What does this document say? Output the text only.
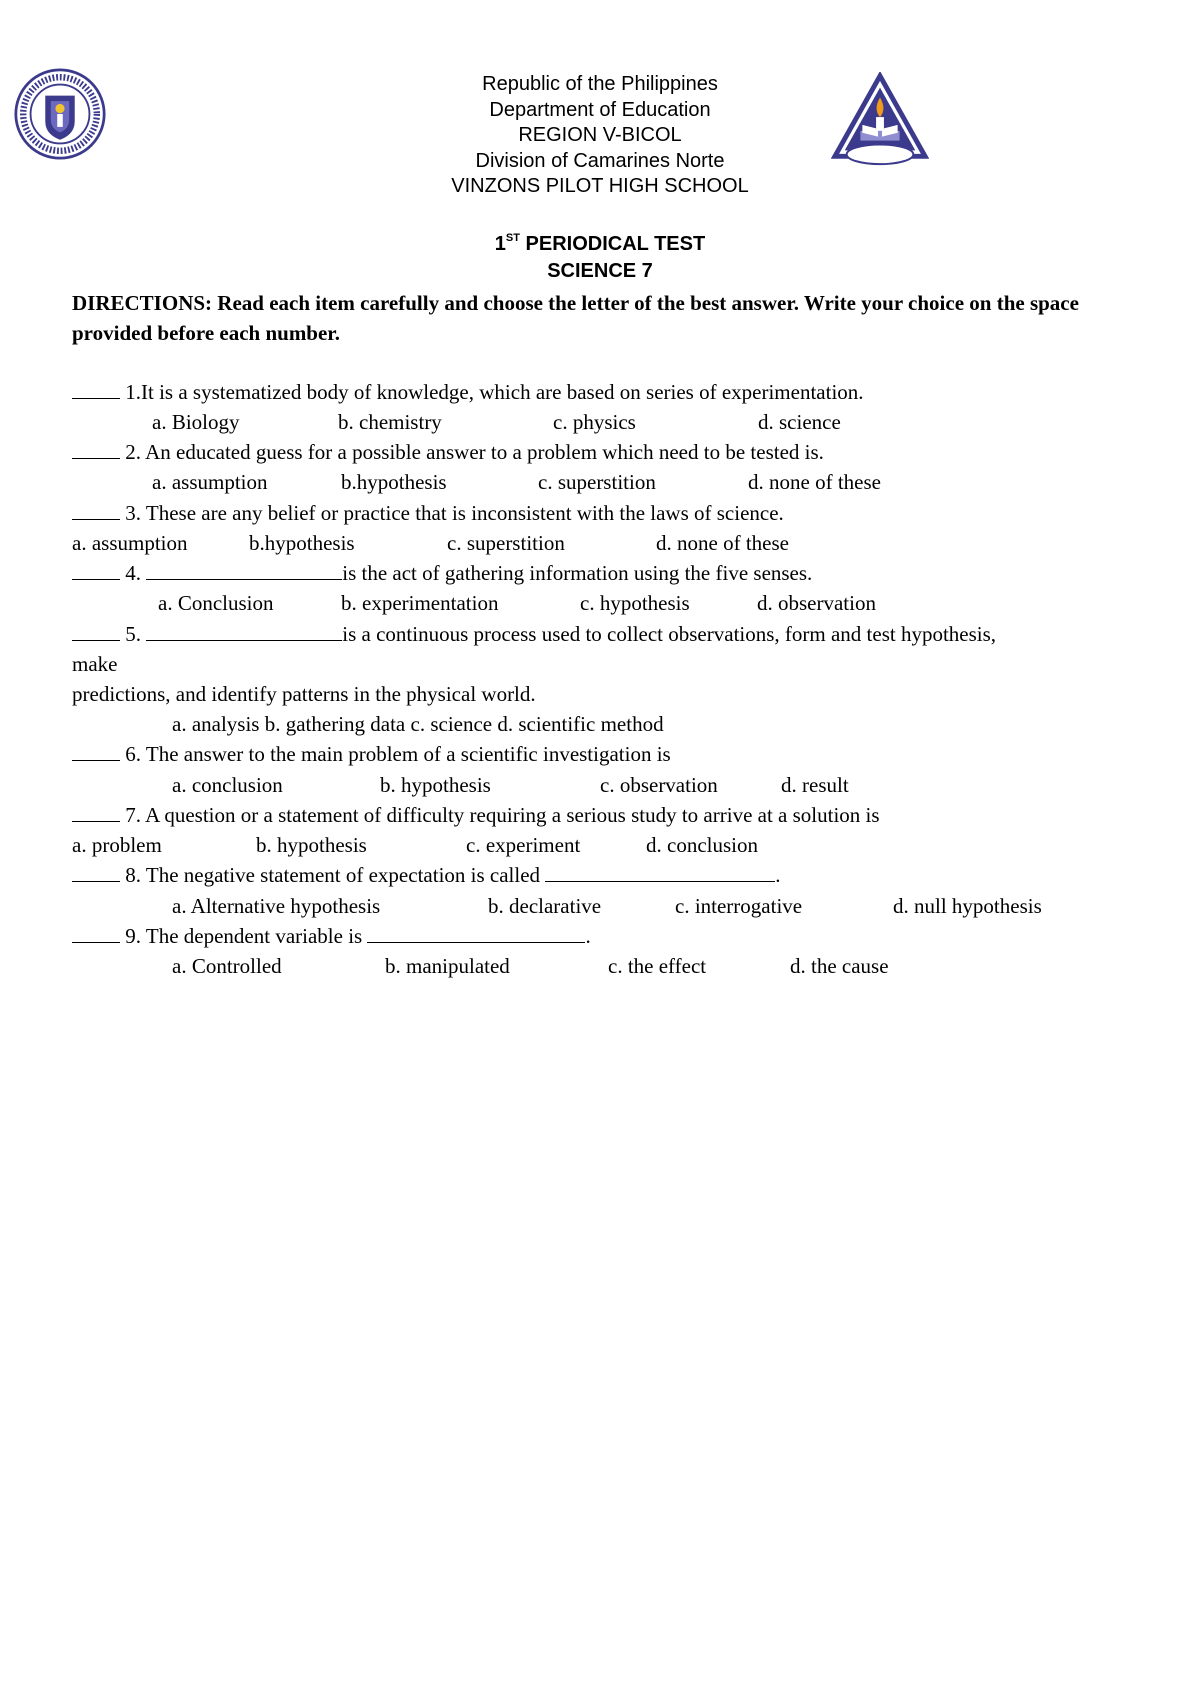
Republic of the Philippines
Department of Education
REGION V-BICOL
Division of Camarines Norte
VINZONS PILOT HIGH SCHOOL
1ST PERIODICAL TEST
SCIENCE 7
DIRECTIONS: Read each item carefully and choose the letter of the best answer. Write your choice on the space provided before each number.
1.It is a systematized body of knowledge, which are based on series of experimentation.
a. Biology	b. chemistry	c. physics	d. science
2. An educated guess for a possible answer to a problem which need to be tested is.
a. assumption	b.hypothesis	c. superstition	d. none of these
3. These are any belief or practice that is inconsistent with the laws of science.
a. assumption	b.hypothesis	c. superstition	d. none of these
4.	is the act of gathering information using the five senses.
a. Conclusion	b. experimentation	c. hypothesis	d. observation
5.	is a continuous process used to collect observations, form and test hypothesis,
make
predictions, and identify patterns in the physical world.
a. analysis b. gathering data c. science d. scientific method
6. The answer to the main problem of a scientific investigation is
a. conclusion	b. hypothesis	c. observation	d. result
7. A question or a statement of difficulty requiring a serious study to arrive at a solution is
a. problem	b. hypothesis	c. experiment	d. conclusion
8. The negative statement of expectation is called	.
a. Alternative hypothesis	b. declarative	c. interrogative	d. null hypothesis
9. The dependent variable is	.
a. Controlled	b. manipulated	c. the effect	d. the cause
